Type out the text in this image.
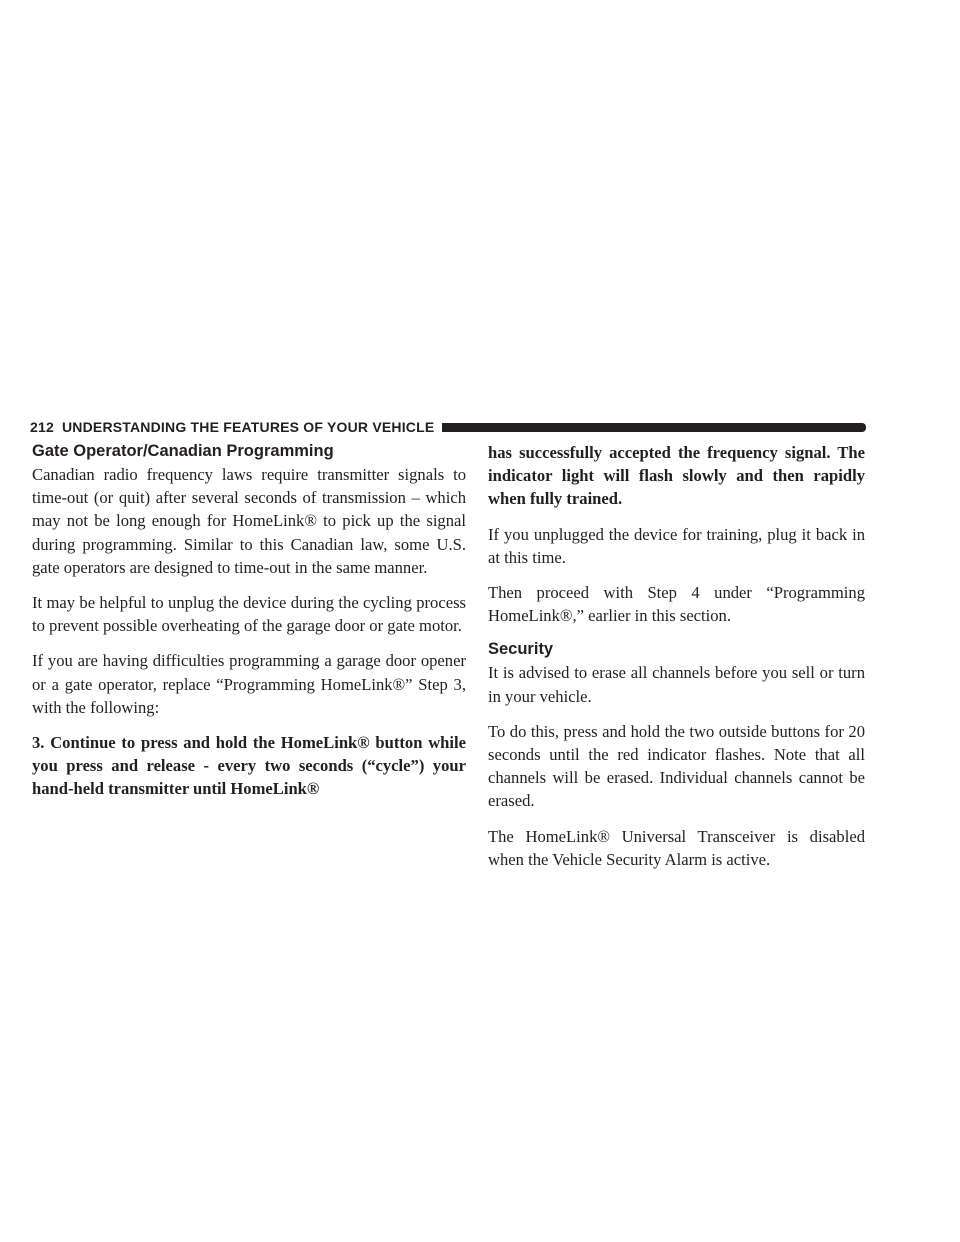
212 UNDERSTANDING THE FEATURES OF YOUR VEHICLE
Gate Operator/Canadian Programming

Canadian radio frequency laws require transmitter signals to time-out (or quit) after several seconds of transmission – which may not be long enough for HomeLink® to pick up the signal during programming. Similar to this Canadian law, some U.S. gate operators are designed to time-out in the same manner.

It may be helpful to unplug the device during the cycling process to prevent possible overheating of the garage door or gate motor.

If you are having difficulties programming a garage door opener or a gate operator, replace “Programming HomeLink®” Step 3, with the following:

3. Continue to press and hold the HomeLink® button while you press and release - every two seconds (“cycle”) your hand-held transmitter until HomeLink®

has successfully accepted the frequency signal. The indicator light will flash slowly and then rapidly when fully trained.

If you unplugged the device for training, plug it back in at this time.

Then proceed with Step 4 under “Programming HomeLink®,” earlier in this section.

Security

It is advised to erase all channels before you sell or turn in your vehicle.

To do this, press and hold the two outside buttons for 20 seconds until the red indicator flashes. Note that all channels will be erased. Individual channels cannot be erased.

The HomeLink® Universal Transceiver is disabled when the Vehicle Security Alarm is active.
